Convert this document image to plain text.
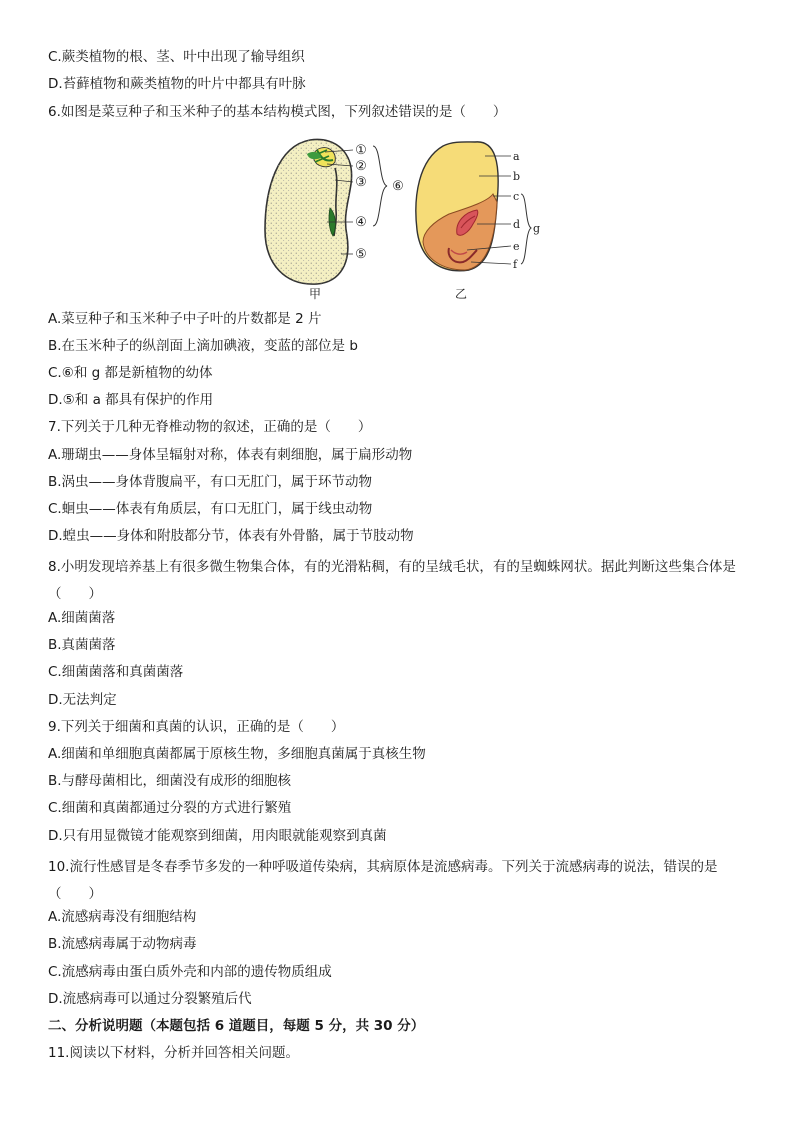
C.蕨类植物的根、茎、叶中出现了输导组织
D.苔藓植物和蕨类植物的叶片中都具有叶脉
6.如图是菜豆种子和玉米种子的基本结构模式图，下列叙述错误的是（　　）
①
②
③
④
⑤
⑥
甲
a
b
c
d
e
f
g
乙
A.菜豆种子和玉米种子中子叶的片数都是 2 片
B.在玉米种子的纵剖面上滴加碘液，变蓝的部位是 b
C.⑥和 g 都是新植物的幼体
D.⑤和 a 都具有保护的作用
7.下列关于几种无脊椎动物的叙述，正确的是（　　）
A.珊瑚虫——身体呈辐射对称，体表有刺细胞，属于扁形动物
B.涡虫——身体背腹扁平，有口无肛门，属于环节动物
C.蛔虫——体表有角质层，有口无肛门，属于线虫动物
D.蝗虫——身体和附肢都分节，体表有外骨骼，属于节肢动物
8.小明发现培养基上有很多微生物集合体，有的光滑粘稠，有的呈绒毛状，有的呈蜘蛛网状。据此判断这些集合体是（　　）
A.细菌菌落
B.真菌菌落
C.细菌菌落和真菌菌落
D.无法判定
9.下列关于细菌和真菌的认识，正确的是（　　）
A.细菌和单细胞真菌都属于原核生物，多细胞真菌属于真核生物
B.与酵母菌相比，细菌没有成形的细胞核
C.细菌和真菌都通过分裂的方式进行繁殖
D.只有用显微镜才能观察到细菌，用肉眼就能观察到真菌
10.流行性感冒是冬春季节多发的一种呼吸道传染病，其病原体是流感病毒。下列关于流感病毒的说法，错误的是（　　）
A.流感病毒没有细胞结构
B.流感病毒属于动物病毒
C.流感病毒由蛋白质外壳和内部的遗传物质组成
D.流感病毒可以通过分裂繁殖后代
二、分析说明题（本题包括 6 道题目，每题 5 分，共 30 分）
11.阅读以下材料，分析并回答相关问题。
